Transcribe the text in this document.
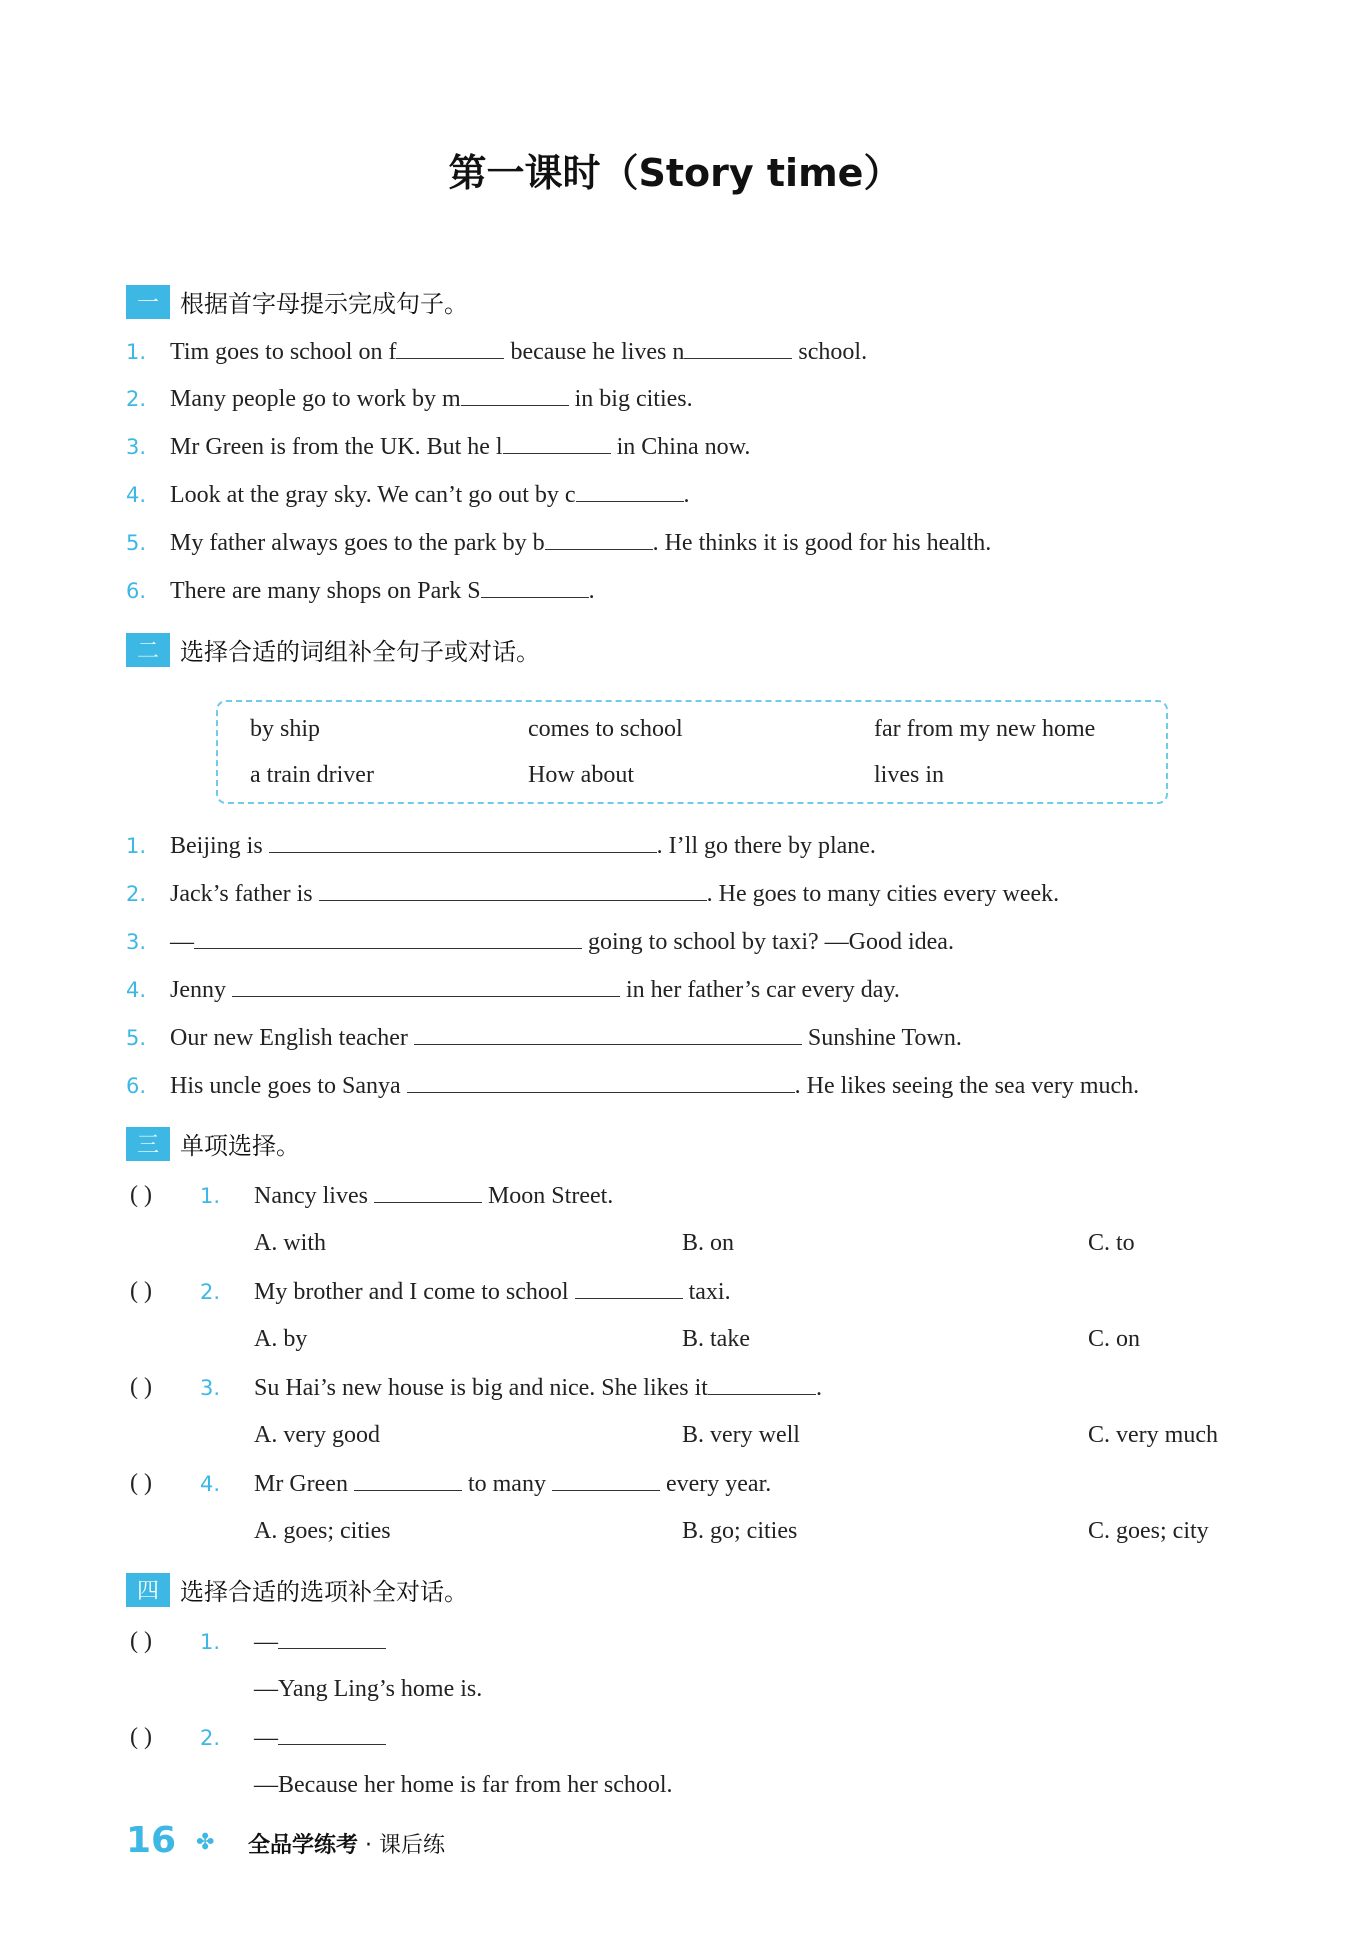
第一课时（Story time）
一 根据首字母提示完成句子。
1. Tim goes to school on f	because he lives n	school.
2. Many people go to work by m	in big cities.
3. Mr Green is from the UK. But he l	in China now.
4. Look at the gray sky. We can’t go out by c	.
5. My father always goes to the park by b	. He thinks it is good for his health.
6. There are many shops on Park S	.
二 选择合适的词组补全句子或对话。
by ship	comes to school	far from my new home
a train driver	How about	lives in
1. Beijing is	. I’ll go there by plane.
2. Jack’s father is	. He goes to many cities every week.
3. —	going to school by taxi? —Good idea.
4. Jenny	in her father’s car every day.
5. Our new English teacher	Sunshine Town.
6. His uncle goes to Sanya	. He likes seeing the sea very much.
三 单项选择。
( ) 1. Nancy lives	Moon Street.
A. with	B. on	C. to
( ) 2. My brother and I come to school	taxi.
A. by	B. take	C. on
( ) 3. Su Hai’s new house is big and nice. She likes it	.
A. very good	B. very well	C. very much
( ) 4. Mr Green	to many	every year.
A. goes; cities	B. go; cities	C. goes; city
四 选择合适的选项补全对话。
( ) 1. —
—Yang Ling’s home is.
( ) 2. —
—Because her home is far from her school.
16 ✤ 全品学练考 · 课后练
